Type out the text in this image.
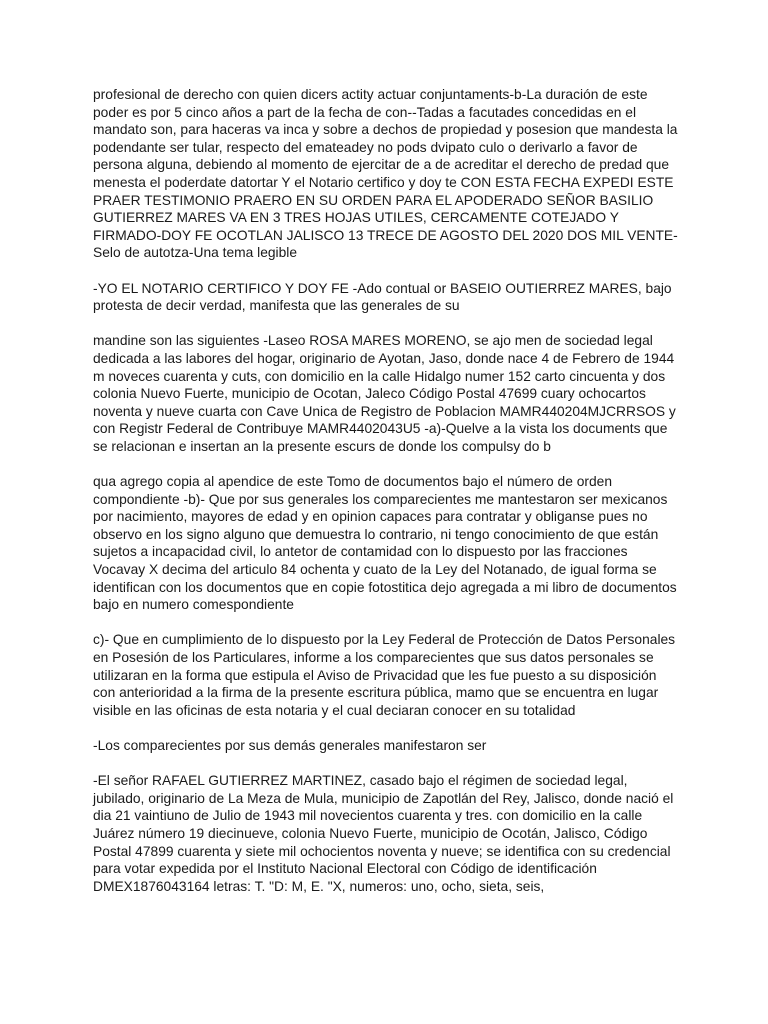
profesional de derecho con quien dicers actity actuar conjuntaments-b-La duración de este poder es por 5 cinco años a part de la fecha de con--Tadas a facutades concedidas en el mandato son, para haceras va inca y sobre a dechos de propiedad y posesion que mandesta la podendante ser tular, respecto del emateadey no pods dvipato culo o derivarlo a favor de persona alguna, debiendo al momento de ejercitar de a de acreditar el derecho de predad que menesta el poderdate datortar Y el Notario certifico y doy te CON ESTA FECHA EXPEDI ESTE PRAER TESTIMONIO PRAERO EN SU ORDEN PARA EL APODERADO SEÑOR BASILIO GUTIERREZ MARES VA EN 3 TRES HOJAS UTILES, CERCAMENTE COTEJADO Y FIRMADO-DOY FE OCOTLAN JALISCO 13 TRECE DE AGOSTO DEL 2020 DOS MIL VENTE-Selo de autotza-Una tema legible

-YO EL NOTARIO CERTIFICO Y DOY FE -Ado contual or BASEIO OUTIERREZ MARES, bajo protesta de decir verdad, manifesta que las generales de su

mandine son las siguientes -Laseo ROSA MARES MORENO, se ajo men de sociedad legal dedicada a las labores del hogar, originario de Ayotan, Jaso, donde nace 4 de Febrero de 1944 m noveces cuarenta y cuts, con domicilio en la calle Hidalgo numer 152 carto cincuenta y dos colonia Nuevo Fuerte, municipio de Ocotan, Jaleco Código Postal 47699 cuary ochocartos noventa y nueve cuarta con Cave Unica de Registro de Poblacion MAMR440204MJCRRSOS y con Registr Federal de Contribuye MAMR4402043U5 -a)-Quelve a la vista los documents que se relacionan e insertan an la presente escurs de donde los compulsy do b

qua agrego copia al apendice de este Tomo de documentos bajo el número de orden compondiente -b)- Que por sus generales los comparecientes me mantestaron ser mexicanos por nacimiento, mayores de edad y en opinion capaces para contratar y obliganse pues no observo en los signo alguno que demuestra lo contrario, ni tengo conocimiento de que están sujetos a incapacidad civil, lo antetor de contamidad con lo dispuesto por las fracciones Vocavay X decima del articulo 84 ochenta y cuato de la Ley del Notanado, de igual forma se identifican con los documentos que en copie fotostitica dejo agregada a mi libro de documentos bajo en numero comespondiente

c)- Que en cumplimiento de lo dispuesto por la Ley Federal de Protección de Datos Personales en Posesión de los Particulares, informe a los comparecientes que sus datos personales se utilizaran en la forma que estipula el Aviso de Privacidad que les fue puesto a su disposición con anterioridad a la firma de la presente escritura pública, mamo que se encuentra en lugar visible en las oficinas de esta notaria y el cual deciaran conocer en su totalidad

-Los comparecientes por sus demás generales manifestaron ser

-El señor RAFAEL GUTIERREZ MARTINEZ, casado bajo el régimen de sociedad legal, jubilado, originario de La Meza de Mula, municipio de Zapotlán del Rey, Jalisco, donde nació el dia 21 vaintiuno de Julio de 1943 mil novecientos cuarenta y tres. con domicilio en la calle Juárez número 19 diecinueve, colonia Nuevo Fuerte, municipio de Ocotán, Jalisco, Código Postal 47899 cuarenta y siete mil ochocientos noventa y nueve; se identifica con su credencial para votar expedida por el Instituto Nacional Electoral con Código de identificación DMEX1876043164 letras: T. "D: M, E. "X, numeros: uno, ocho, sieta, seis,
